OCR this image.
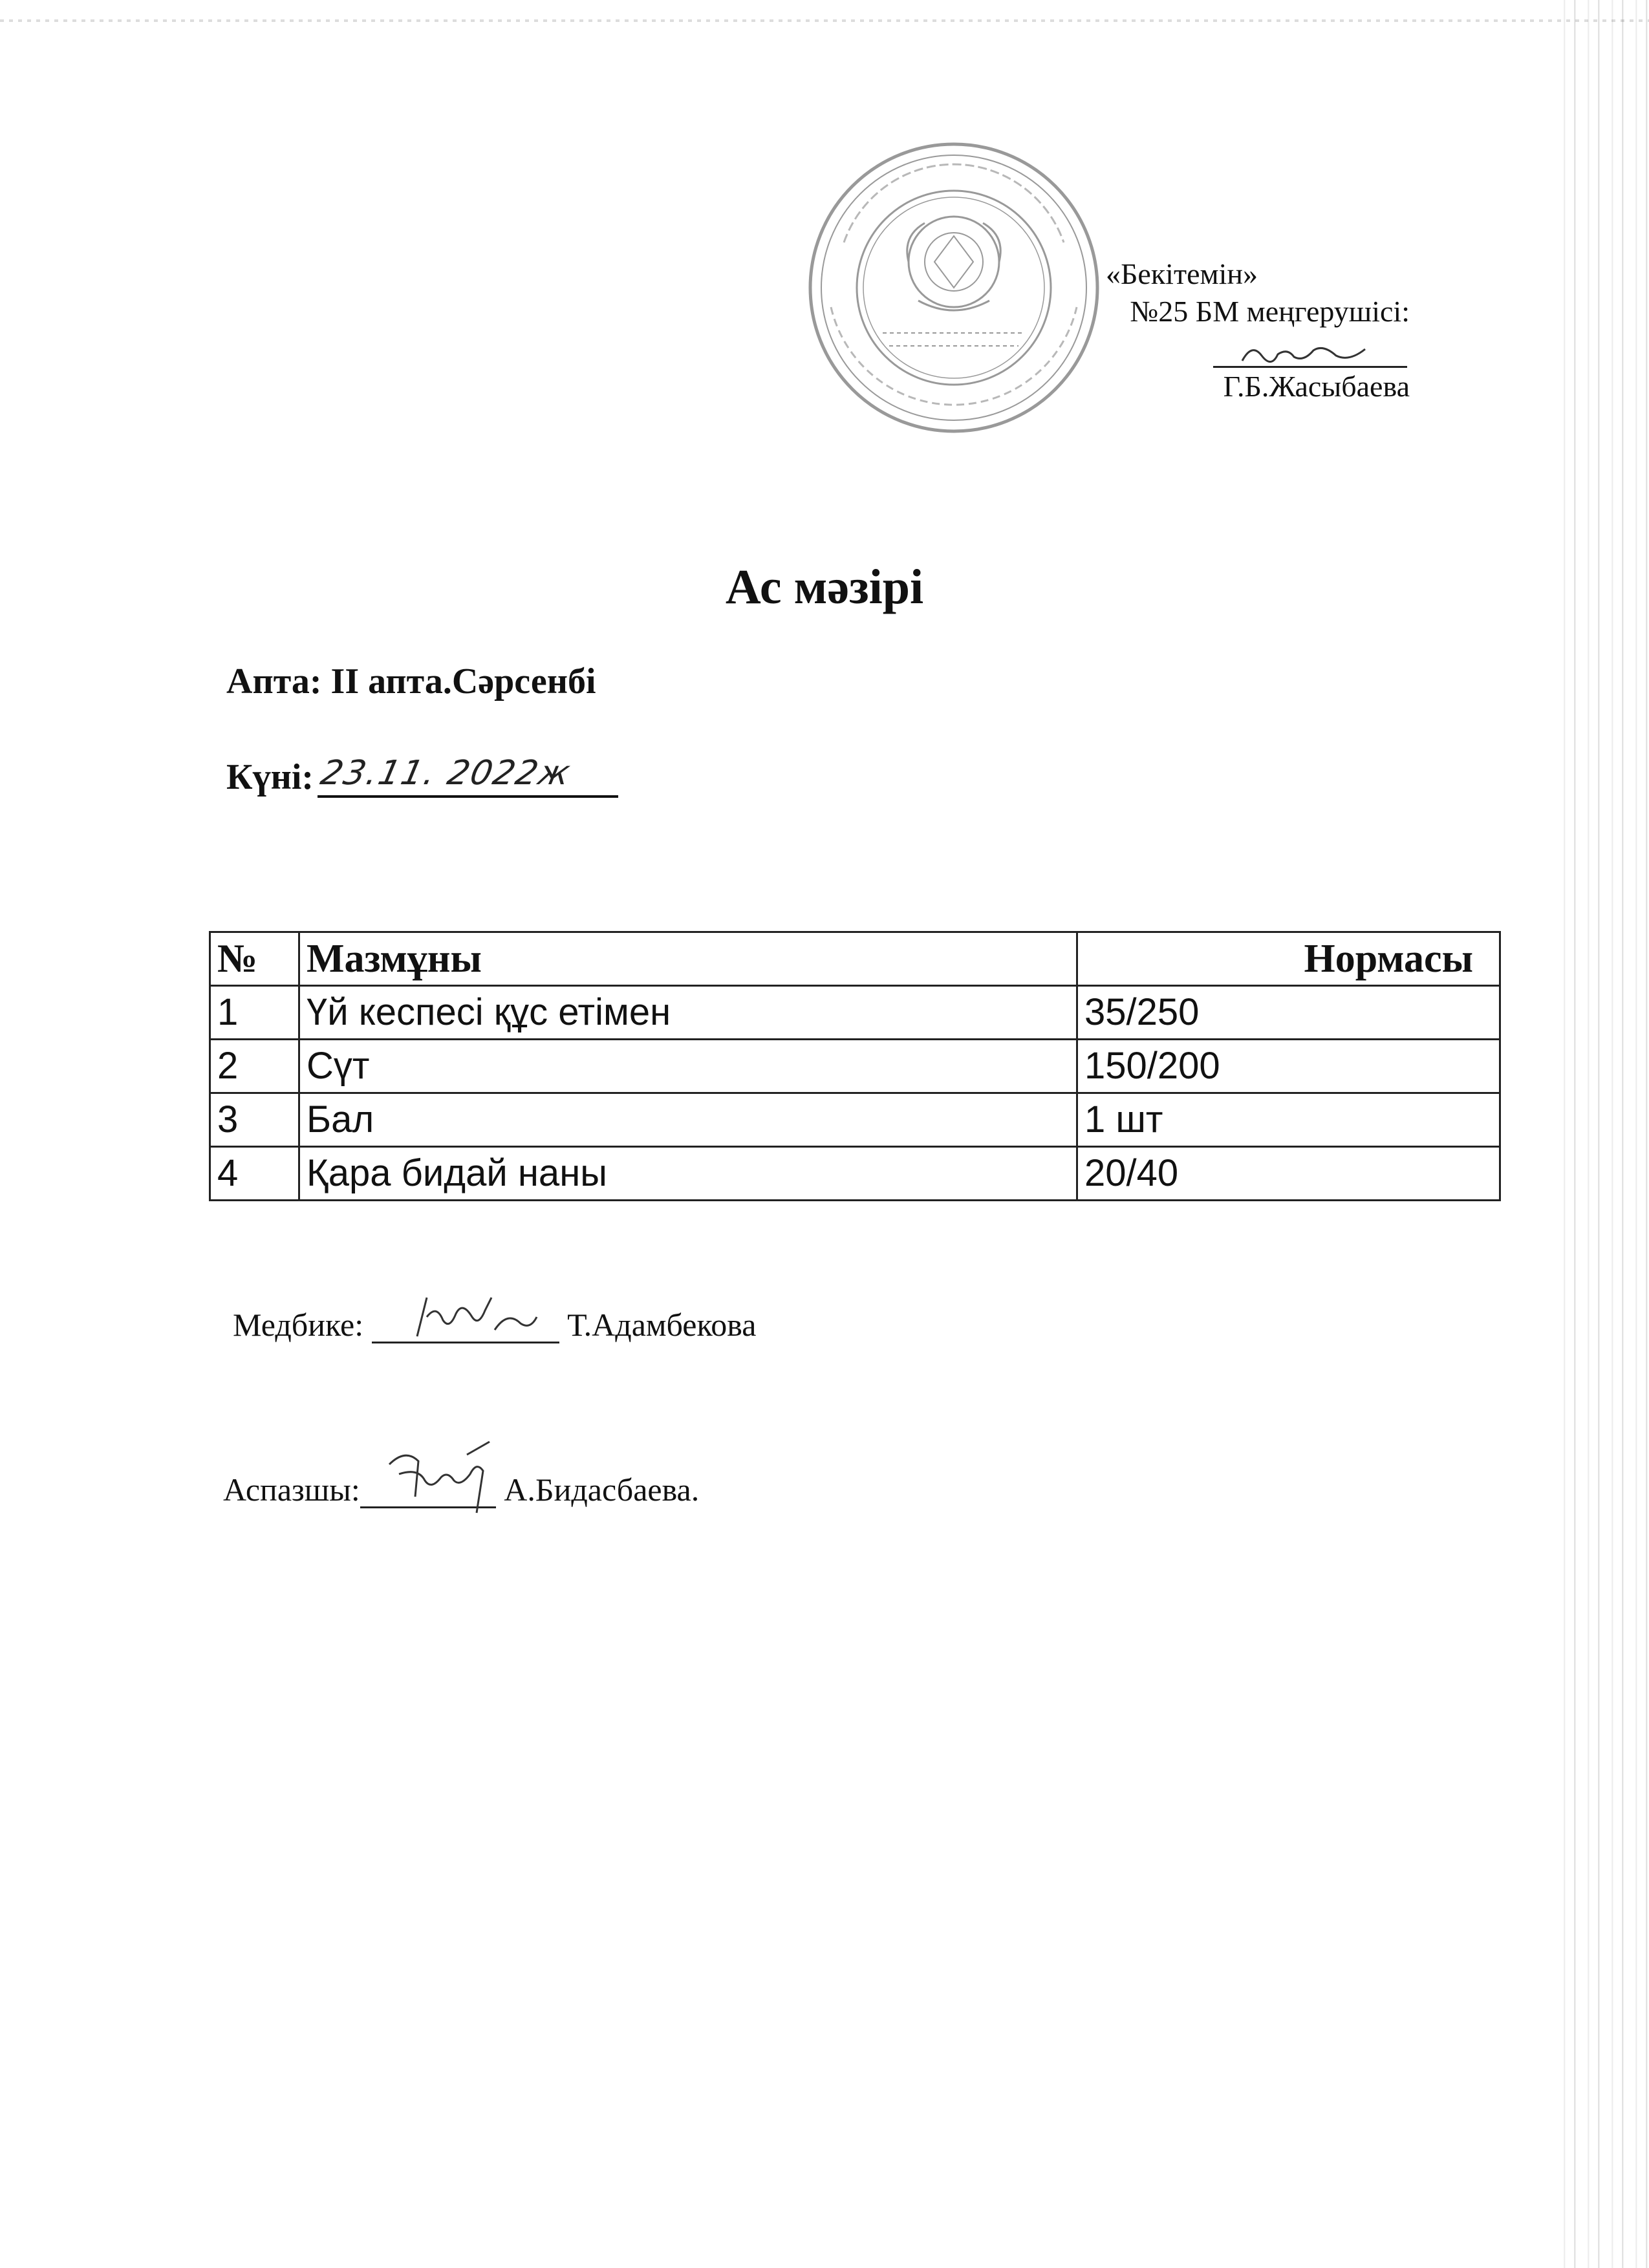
«Бекітемін»
№25 БМ меңгерушісі:
Г.Б.Жасыбаева
Ас мәзірі
Апта: II апта.Сәрсенбі
Күні: 23.11. 2022ж
№	Мазмұны	Нормасы
1	Үй кеспесі құс етімен	35/250
2	Сүт	150/200
3	Бал	1 шт
4	Қара бидай наны	20/40
Медбике:	Т.Адамбекова
Аспазшы:	А.Бидасбаева.
